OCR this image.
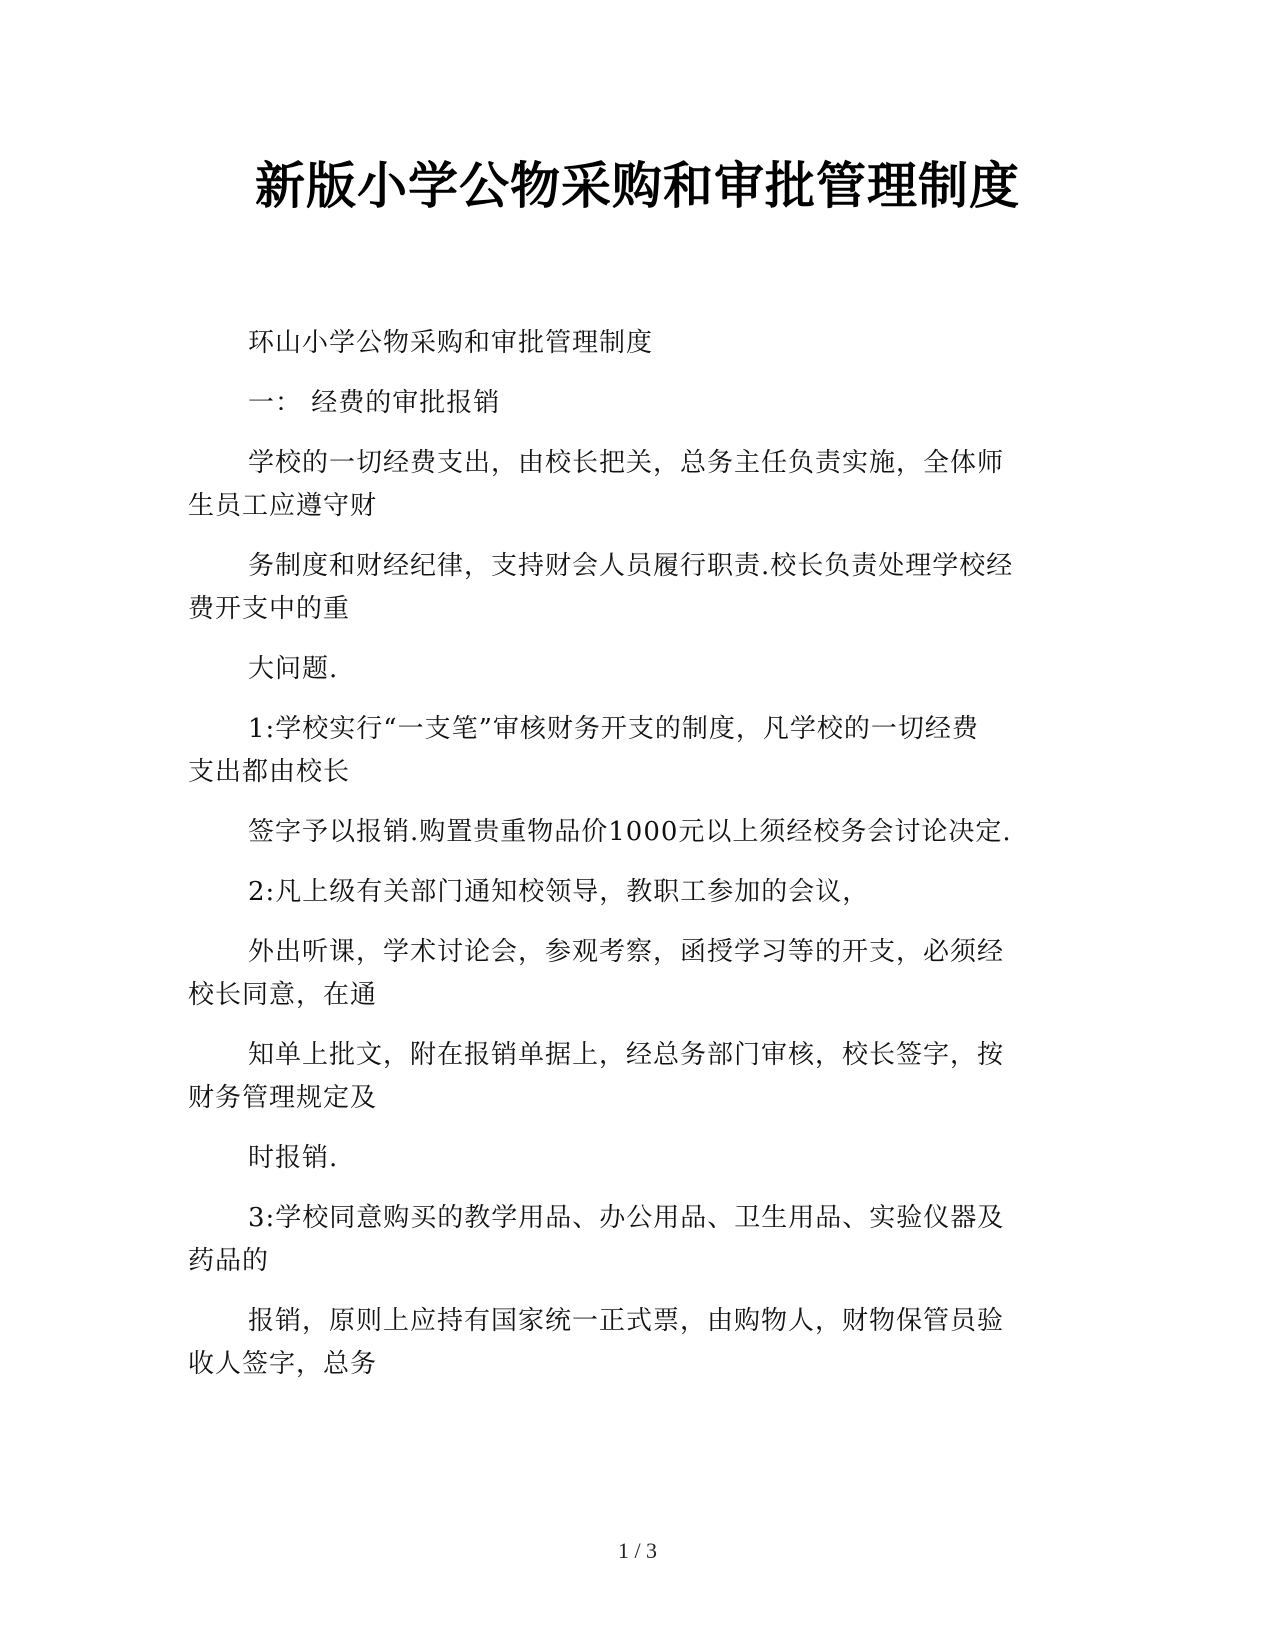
新版小学公物采购和审批管理制度

环山小学公物采购和审批管理制度

一： 经费的审批报销

学校的一切经费支出，由校长把关，总务主任负责实施，全体师
生员工应遵守财

务制度和财经纪律，支持财会人员履行职责.校长负责处理学校经
费开支中的重

大问题.

1:学校实行“一支笔”审核财务开支的制度，凡学校的一切经费
支出都由校长

签字予以报销.购置贵重物品价1000元以上须经校务会讨论决定.

2:凡上级有关部门通知校领导，教职工参加的会议，

外出听课，学术讨论会，参观考察，函授学习等的开支，必须经
校长同意，在通

知单上批文，附在报销单据上，经总务部门审核，校长签字，按
财务管理规定及

时报销.

3:学校同意购买的教学用品、办公用品、卫生用品、实验仪器及
药品的

报销，原则上应持有国家统一正式票，由购物人，财物保管员验
收人签字，总务

1 / 3
